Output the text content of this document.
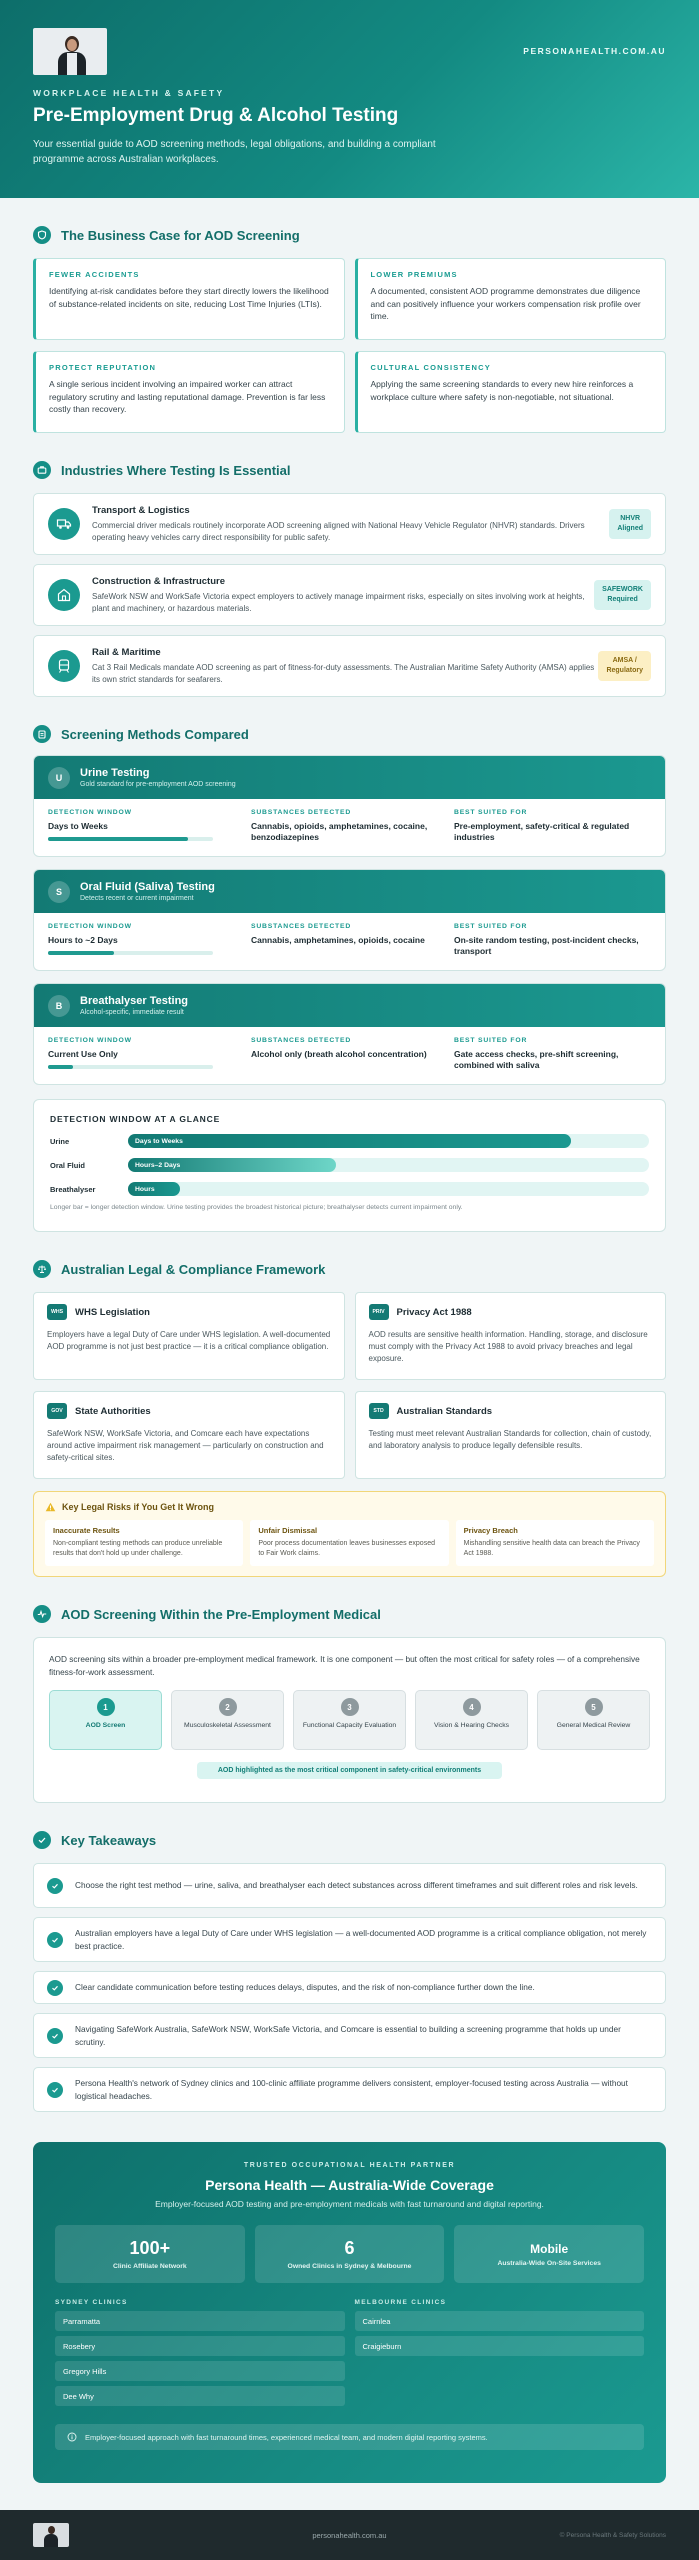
PERSONAHEALTH.COM.AU
WORKPLACE HEALTH & SAFETY
Pre-Employment Drug & Alcohol Testing

Your essential guide to AOD screening methods, legal obligations, and building a compliant programme across Australian workplaces.

The Business Case for AOD Screening
FEWER ACCIDENTS
Identifying at-risk candidates before they start directly lowers the likelihood of substance-related incidents on site, reducing Lost Time Injuries (LTIs).
LOWER PREMIUMS
A documented, consistent AOD programme demonstrates due diligence and can positively influence your workers compensation risk profile over time.
PROTECT REPUTATION
A single serious incident involving an impaired worker can attract regulatory scrutiny and lasting reputational damage. Prevention is far less costly than recovery.
CULTURAL CONSISTENCY
Applying the same screening standards to every new hire reinforces a workplace culture where safety is non-negotiable, not situational.
Industries Where Testing Is Essential
Transport & Logistics
Commercial driver medicals routinely incorporate AOD screening aligned with National Heavy Vehicle Regulator (NHVR) standards. Drivers operating heavy vehicles carry direct responsibility for public safety.
NHVR
Aligned
Construction & Infrastructure
SafeWork NSW and WorkSafe Victoria expect employers to actively manage impairment risks, especially on sites involving work at heights, plant and machinery, or hazardous materials.
SAFEWORK
Required
Rail & Maritime
Cat 3 Rail Medicals mandate AOD screening as part of fitness-for-duty assessments. The Australian Maritime Safety Authority (AMSA) applies its own strict standards for seafarers.
AMSA /
Regulatory
Screening Methods Compared
U	Urine Testing
Gold standard for pre-employment AOD screening
DETECTION WINDOW
Days to Weeks
SUBSTANCES DETECTED
Cannabis, opioids, amphetamines, cocaine, benzodiazepines
BEST SUITED FOR
Pre-employment, safety-critical & regulated industries
S	Oral Fluid (Saliva) Testing
Detects recent or current impairment
DETECTION WINDOW
Hours to ~2 Days
SUBSTANCES DETECTED
Cannabis, amphetamines, opioids, cocaine
BEST SUITED FOR
On-site random testing, post-incident checks, transport
B	Breathalyser Testing
Alcohol-specific, immediate result
DETECTION WINDOW
Current Use Only
SUBSTANCES DETECTED
Alcohol only (breath alcohol concentration)
BEST SUITED FOR
Gate access checks, pre-shift screening, combined with saliva
DETECTION WINDOW AT A GLANCE
Urine	Days to Weeks
Oral Fluid	Hours–2 Days
Breathalyser	Hours
Longer bar = longer detection window. Urine testing provides the broadest historical picture; breathalyser detects current impairment only.
Australian Legal & Compliance Framework
WHS	WHS Legislation
Employers have a legal Duty of Care under WHS legislation. A well-documented AOD programme is not just best practice — it is a critical compliance obligation.
PRIV	Privacy Act 1988
AOD results are sensitive health information. Handling, storage, and disclosure must comply with the Privacy Act 1988 to avoid privacy breaches and legal exposure.
GOV	State Authorities
SafeWork NSW, WorkSafe Victoria, and Comcare each have expectations around active impairment risk management — particularly on construction and safety-critical sites.
STD	Australian Standards
Testing must meet relevant Australian Standards for collection, chain of custody, and laboratory analysis to produce legally defensible results.
Key Legal Risks if You Get It Wrong
Inaccurate Results
Non-compliant testing methods can produce unreliable results that don't hold up under challenge.
Unfair Dismissal
Poor process documentation leaves businesses exposed to Fair Work claims.
Privacy Breach
Mishandling sensitive health data can breach the Privacy Act 1988.
AOD Screening Within the Pre-Employment Medical

AOD screening sits within a broader pre-employment medical framework. It is one component — but often the most critical for safety roles — of a comprehensive fitness-for-work assessment.

1
AOD Screen
2
Musculoskeletal Assessment
3
Functional Capacity Evaluation
4
Vision & Hearing Checks
5
General Medical Review
AOD highlighted as the most critical component in safety-critical environments
Key Takeaways
Choose the right test method — urine, saliva, and breathalyser each detect substances across different timeframes and suit different roles and risk levels.
Australian employers have a legal Duty of Care under WHS legislation — a well-documented AOD programme is a critical compliance obligation, not merely best practice.
Clear candidate communication before testing reduces delays, disputes, and the risk of non-compliance further down the line.
Navigating SafeWork Australia, SafeWork NSW, WorkSafe Victoria, and Comcare is essential to building a screening programme that holds up under scrutiny.
Persona Health's network of Sydney clinics and 100-clinic affiliate programme delivers consistent, employer-focused testing across Australia — without logistical headaches.
TRUSTED OCCUPATIONAL HEALTH PARTNER
Persona Health — Australia-Wide Coverage
Employer-focused AOD testing and pre-employment medicals with fast turnaround and digital reporting.
100+
Clinic Affiliate Network
6
Owned Clinics in Sydney & Melbourne
Mobile
Australia-Wide On-Site Services
SYDNEY CLINICS
Parramatta
Rosebery
Gregory Hills
Dee Why
MELBOURNE CLINICS
Cairnlea
Craigieburn
Employer-focused approach with fast turnaround times, experienced medical team, and modern digital reporting systems.
personahealth.com.au	© Persona Health & Safety Solutions
